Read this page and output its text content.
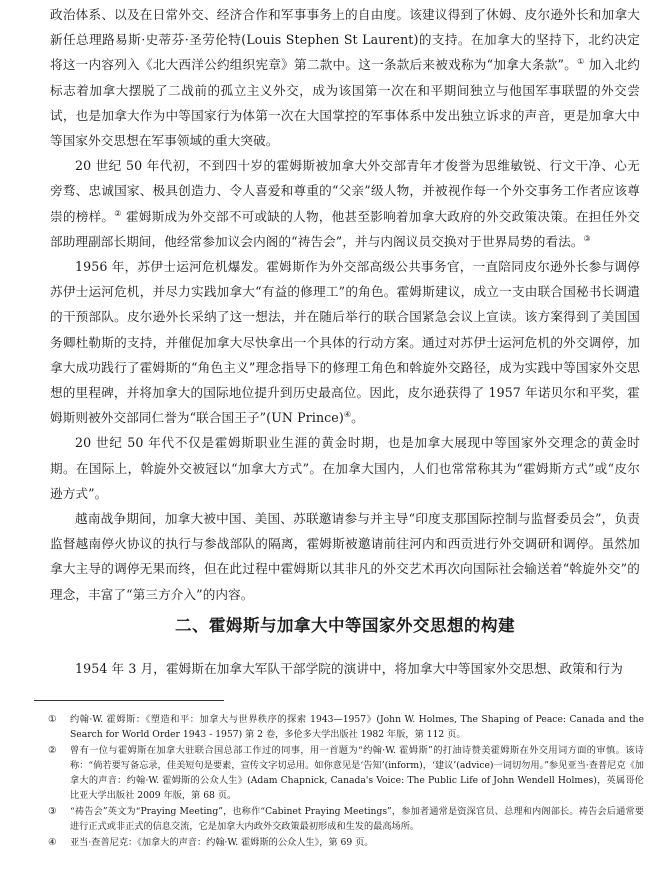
政治体系、以及在日常外交、经济合作和军事事务上的自由度。该建议得到了休姆、皮尔逊外长和加拿大新任总理路易斯·史蒂芬·圣劳伦特(Louis Stephen St Laurent)的支持。在加拿大的坚持下，北约决定将这一内容列入《北大西洋公约组织宪章》第二款中。这一条款后来被戏称为“加拿大条款”。① 加入北约标志着加拿大摆脱了二战前的孤立主义外交，成为该国第一次在和平期间独立与他国军事联盟的外交尝试，也是加拿大作为中等国家行为体第一次在大国掌控的军事体系中发出独立诉求的声音，更是加拿大中等国家外交思想在军事领域的重大突破。

20 世纪 50 年代初，不到四十岁的霍姆斯被加拿大外交部青年才俊誉为思维敏锐、行文干净、心无旁骛、忠诚国家、极具创造力、令人喜爱和尊重的“父亲”级人物，并被视作每一个外交事务工作者应该尊崇的榜样。② 霍姆斯成为外交部不可或缺的人物，他甚至影响着加拿大政府的外交政策决策。在担任外交部助理副部长期间，他经常参加议会内阁的“祷告会”，并与内阁议员交换对于世界局势的看法。③

1956 年，苏伊士运河危机爆发。霍姆斯作为外交部高级公共事务官，一直陪同皮尔逊外长参与调停苏伊士运河危机，并尽力实践加拿大“有益的修理工”的角色。霍姆斯建议，成立一支由联合国秘书长调遣的干预部队。皮尔逊外长采纳了这一想法，并在随后举行的联合国紧急会议上宣读。该方案得到了美国国务卿杜勒斯的支持，并催促加拿大尽快拿出一个具体的行动方案。通过对苏伊士运河危机的外交调停，加拿大成功践行了霍姆斯的“角色主义”理念指导下的修理工角色和斡旋外交路径，成为实践中等国家外交思想的里程碑，并将加拿大的国际地位提升到历史最高位。因此，皮尔逊获得了 1957 年诺贝尔和平奖，霍姆斯则被外交部同仁誉为“联合国王子”(UN Prince)④。

20 世纪 50 年代不仅是霍姆斯职业生涯的黄金时期，也是加拿大展现中等国家外交理念的黄金时期。在国际上，斡旋外交被冠以“加拿大方式”。在加拿大国内，人们也常常称其为“霍姆斯方式”或“皮尔逊方式”。

越南战争期间，加拿大被中国、美国、苏联邀请参与并主导“印度支那国际控制与监督委员会”，负责监督越南停火协议的执行与参战部队的隔离，霍姆斯被邀请前往河内和西贡进行外交调研和调停。虽然加拿大主导的调停无果而终，但在此过程中霍姆斯以其非凡的外交艺术再次向国际社会输送着“斡旋外交”的理念，丰富了“第三方介入”的内容。

二、霍姆斯与加拿大中等国家外交思想的构建

1954 年 3 月，霍姆斯在加拿大军队干部学院的演讲中，将加拿大中等国家外交思想、政策和行为

① 约翰·W. 霍姆斯：《塑造和平：加拿大与世界秩序的探索 1943—1957》(John W. Holmes, The Shaping of Peace: Canada and the Search for World Order 1943 - 1957) 第 2 卷，多伦多大学出版社 1982 年版，第 112 页。
② 曾有一位与霍姆斯在加拿大驻联合国总部工作过的同事，用一首题为“约翰·W. 霍姆斯”的打油诗赞美霍姆斯在外交用词方面的审慎。该诗称：“倘若要写备忘录，佳美短句是要素，宣传文字切忌用。如你意见是‘告知’(inform)，‘建议’(advice)一词切勿用。”参见亚当·查普尼克《加拿大的声音：约翰·W. 霍姆斯的公众人生》(Adam Chapnick, Canada's Voice: The Public Life of John Wendell Holmes)，英属哥伦比亚大学出版社 2009 年版，第 68 页。
③ “祷告会”英文为“Praying Meeting”，也称作“Cabinet Praying Meetings”，参加者通常是资深官员、总理和内阁部长。祷告会后通常要进行正式或非正式的信息交流，它是加拿大内政外交政策最初形成和生发的最高场所。
④ 亚当·查普尼克：《加拿大的声音：约翰·W. 霍姆斯的公众人生》，第 69 页。
